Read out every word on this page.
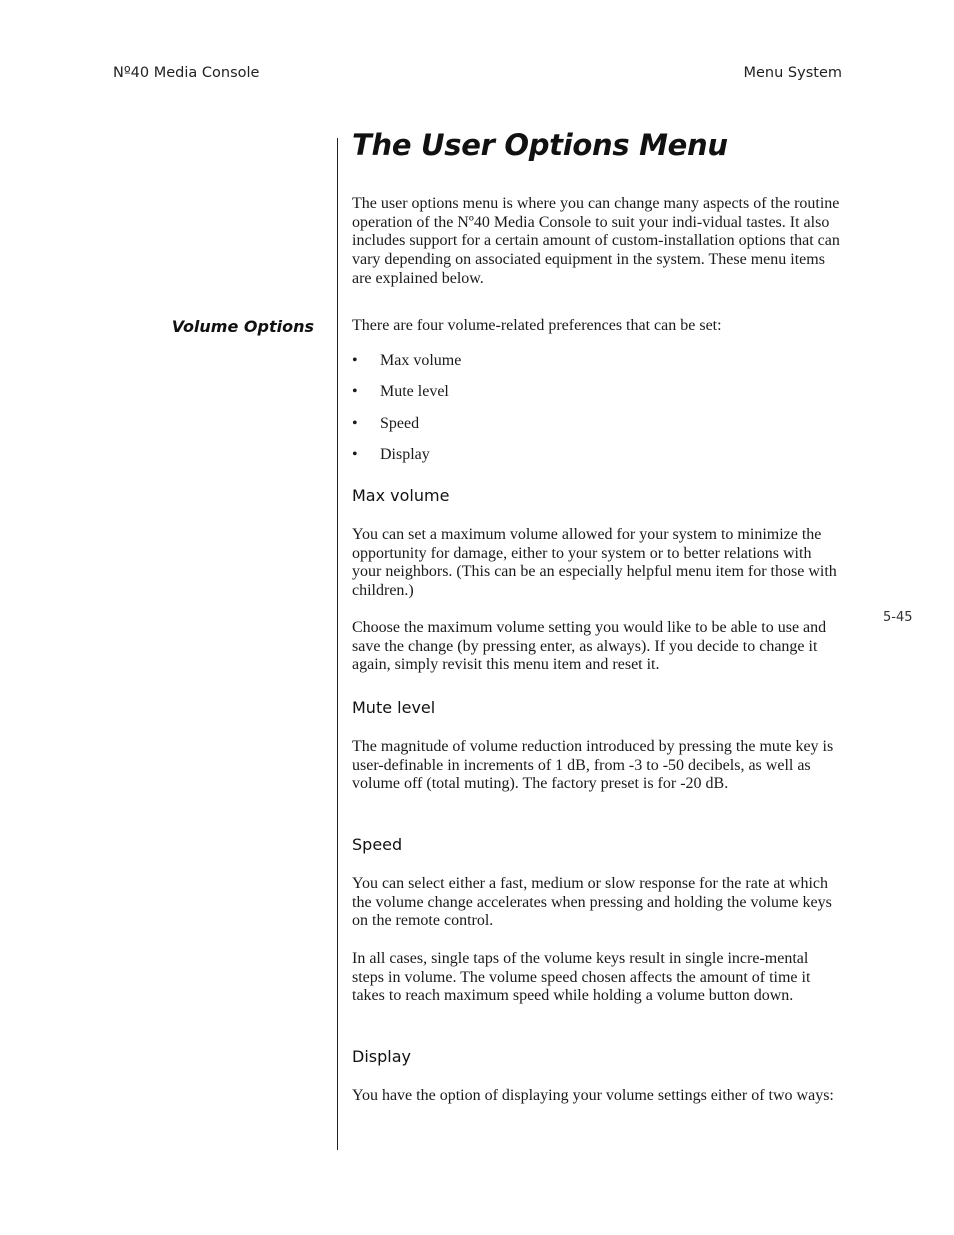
Nº40 Media Console	Menu System
The User Options Menu

The user options menu is where you can change many aspects of the routine operation of the Nº40 Media Console to suit your indi-vidual tastes. It also includes support for a certain amount of custom-installation options that can vary depending on associated equipment in the system. These menu items are explained below.

Volume Options There are four volume-related preferences that can be set:

• Max volume
• Mute level
• Speed
• Display
Max volume

You can set a maximum volume allowed for your system to minimize the opportunity for damage, either to your system or to better relations with your neighbors. (This can be an especially helpful menu item for those with children.)

Choose the maximum volume setting you would like to be able to use and save the change (by pressing enter, as always). If you decide to change it again, simply revisit this menu item and reset it.

5-45
Mute level

The magnitude of volume reduction introduced by pressing the mute key is user-definable in increments of 1 dB, from -3 to -50 decibels, as well as volume off (total muting). The factory preset is for -20 dB.

Speed

You can select either a fast, medium or slow response for the rate at which the volume change accelerates when pressing and holding the volume keys on the remote control.

In all cases, single taps of the volume keys result in single incre-mental steps in volume. The volume speed chosen affects the amount of time it takes to reach maximum speed while holding a volume button down.

Display

You have the option of displaying your volume settings either of two ways:
